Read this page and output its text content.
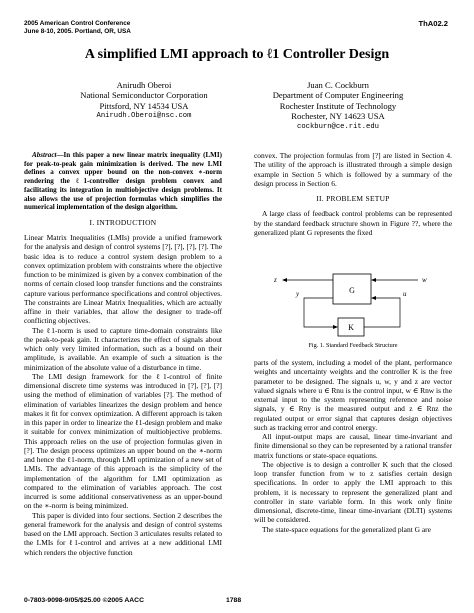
2005 American Control Conference
June 8-10, 2005. Portland, OR, USA
ThA02.2
A simplified LMI approach to ℓ1 Controller Design
Anirudh Oberoi
National Semiconductor Corporation
Pittsford, NY 14534 USA
Anirudh.Oberoi@nsc.com
Juan C. Cockburn
Department of Computer Engineering
Rochester Institute of Technology
Rochester, NY 14623 USA
cockburn@ce.rit.edu

Abstract—In this paper a new linear matrix inequality (LMI) for peak-to-peak gain minimization is derived. The new LMI defines a convex upper bound on the non-convex ∗-norm rendering the ℓ1-controller design problem convex and facilitating its integration in multiobjective design problems. It also allows the use of projection formulas which simplifies the numerical implementation of the design algorithm.

I. INTRODUCTION

Linear Matrix Inequalities (LMIs) provide a unified framework for the analysis and design of control systems [?], [?], [?], [?]. The basic idea is to reduce a control system design problem to a convex optimization problem with constraints where the objective function to be minimized is given by a convex combination of the norms of certain closed loop transfer functions and the constraints capture various performance specifications and control objectives. The constraints are Linear Matrix Inequalities, which are actually affine in their variables, that allow the designer to trade-off conflicting objectives.

The ℓ1-norm is used to capture time-domain constraints like the peak-to-peak gain. It characterizes the effect of signals about which only very limited information, such as a bound on their amplitude, is available. An example of such a situation is the minimization of the absolute value of a disturbance in time.

The LMI design framework for the ℓ1-control of finite dimensional discrete time systems was introduced in [?], [?], [?] using the method of elimination of variables [?]. The method of elimination of variables linearizes the design problem and hence makes it fit for convex optimization. A different approach is taken in this paper in order to linearize the ℓ1-design problem and make it suitable for convex minimization of multiobjective problems. This approach relies on the use of projection formulas given in [?]. The design process optimizes an upper bound on the ∗-norm and hence the ℓ1-norm, through LMI optimization of a new set of LMIs. The advantage of this approach is the simplicity of the implementation of the algorithm for LMI optimization as compared to the elimination of variables approach. The cost incurred is some additional conservativeness as an upper-bound on the ∗-norm is being minimized.

This paper is divided into four sections. Section 2 describes the general framework for the analysis and design of control systems based on the LMI approach. Section 3 articulates results related to the LMIs for ℓ1-control and arrives at a new additional LMI which renders the objective function

convex. The projection formulas from [?] are listed in Section 4. The utility of the approach is illustrated through a simple design example in Section 5 which is followed by a summary of the design process in Section 6.

II. PROBLEM SETUP

A large class of feedback control problems can be represented by the standard feedback structure shown in Figure ??, where the generalized plant G represents the fixed

G
K
z	w
y	u
Fig. 1. Standard Feedback Structure

parts of the system, including a model of the plant, performance weights and uncertainty weights and the controller K is the free parameter to be designed. The signals u, w, y and z are vector valued signals where u ∈ Rnu is the control input, w ∈ Rnw is the external input to the system representing reference and noise signals, y ∈ Rny is the measured output and z ∈ Rnz the regulated output or error signal that captures design objectives such as tracking error and control energy.

All input-output maps are causal, linear time-invariant and finite dimensional so they can be represented by a rational transfer matrix functions or state-space equations.

The objective is to design a controller K such that the closed loop transfer function from w to z satisfies certain design specifications. In order to apply the LMI approach to this problem, it is necessary to represent the generalized plant and controller in state variable form. In this work only finite dimensional, discrete-time, linear time-invariant (DLTI) systems will be considered.

The state-space equations for the generalized plant G are

0-7803-9098-9/05/$25.00 ©2005 AACC	1788
